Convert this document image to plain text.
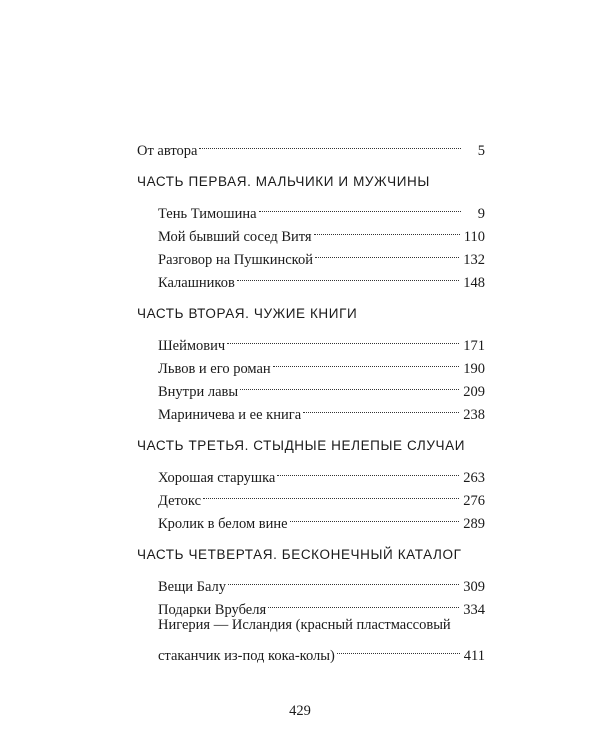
От автора	5
ЧАСТЬ ПЕРВАЯ. МАЛЬЧИКИ И МУЖЧИНЫ
Тень Тимошина	9
Мой бывший сосед Витя	110
Разговор на Пушкинской	132
Калашников	148
ЧАСТЬ ВТОРАЯ. ЧУЖИЕ КНИГИ
Шеймович	171
Львов и его роман	190
Внутри лавы	209
Мариничева и ее книга	238
ЧАСТЬ ТРЕТЬЯ. СТЫДНЫЕ НЕЛЕПЫЕ СЛУЧАИ
Хорошая старушка	263
Детокс	276
Кролик в белом вине	289
ЧАСТЬ ЧЕТВЕРТАЯ. БЕСКОНЕЧНЫЙ КАТАЛОГ
Вещи Балу	309
Подарки Врубеля	334
Нигерия — Исландия (красный пластмассовый
стаканчик из-под кока-колы)	411
429
